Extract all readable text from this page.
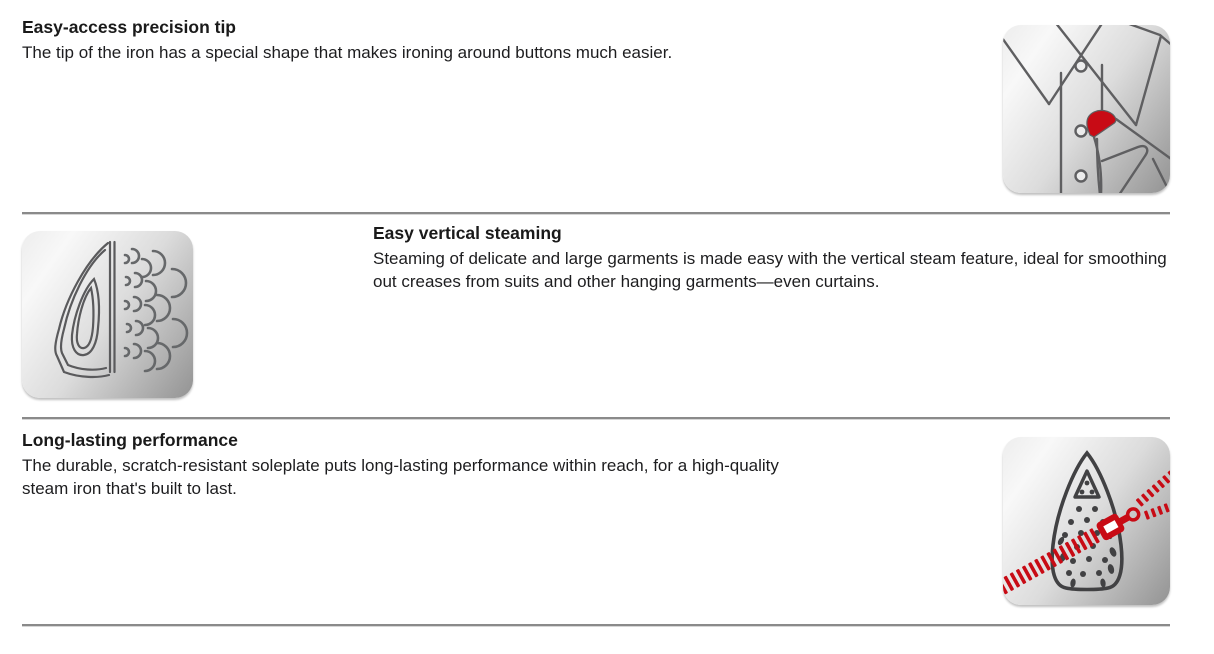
Easy-access precision tip

The tip of the iron has a special shape that makes ironing around buttons much easier.

Easy vertical steaming

Steaming of delicate and large garments is made easy with the vertical steam feature, ideal for smoothing out creases from suits and other hanging garments—even curtains.

Long-lasting performance

The durable, scratch-resistant soleplate puts long-lasting performance within reach, for a high-quality steam iron that's built to last.
